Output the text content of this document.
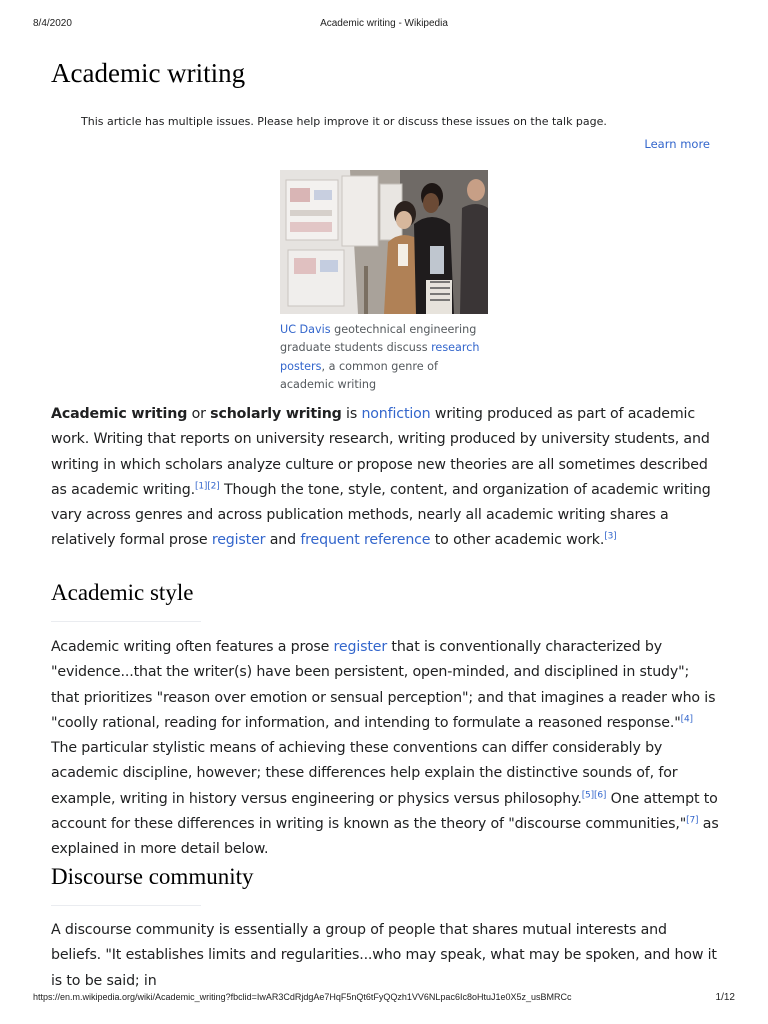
8/4/2020	Academic writing - Wikipedia
Academic writing
This article has multiple issues. Please help improve it or discuss these issues on the talk page.
Learn more
UC Davis geotechnical engineering graduate students discuss research posters, a common genre of academic writing

Academic writing or scholarly writing is nonfiction writing produced as part of academic work. Writing that reports on university research, writing produced by university students, and writing in which scholars analyze culture or propose new theories are all sometimes described as academic writing.[1][2] Though the tone, style, content, and organization of academic writing vary across genres and across publication methods, nearly all academic writing shares a relatively formal prose register and frequent reference to other academic work.[3]

Academic style

Academic writing often features a prose register that is conventionally characterized by "evidence...that the writer(s) have been persistent, open-minded, and disciplined in study"; that prioritizes "reason over emotion or sensual perception"; and that imagines a reader who is "coolly rational, reading for information, and intending to formulate a reasoned response."[4] The particular stylistic means of achieving these conventions can differ considerably by academic discipline, however; these differences help explain the distinctive sounds of, for example, writing in history versus engineering or physics versus philosophy.[5][6] One attempt to account for these differences in writing is known as the theory of "discourse communities,"[7] as explained in more detail below.

Discourse community

A discourse community is essentially a group of people that shares mutual interests and beliefs. "It establishes limits and regularities...who may speak, what may be spoken, and how it is to be said; in

https://en.m.wikipedia.org/wiki/Academic_writing?fbclid=IwAR3CdRjdgAe7HqF5nQt6tFyQQzh1VV6NLpac6Ic8oHtuJ1e0X5z_usBMRCc	1/12
